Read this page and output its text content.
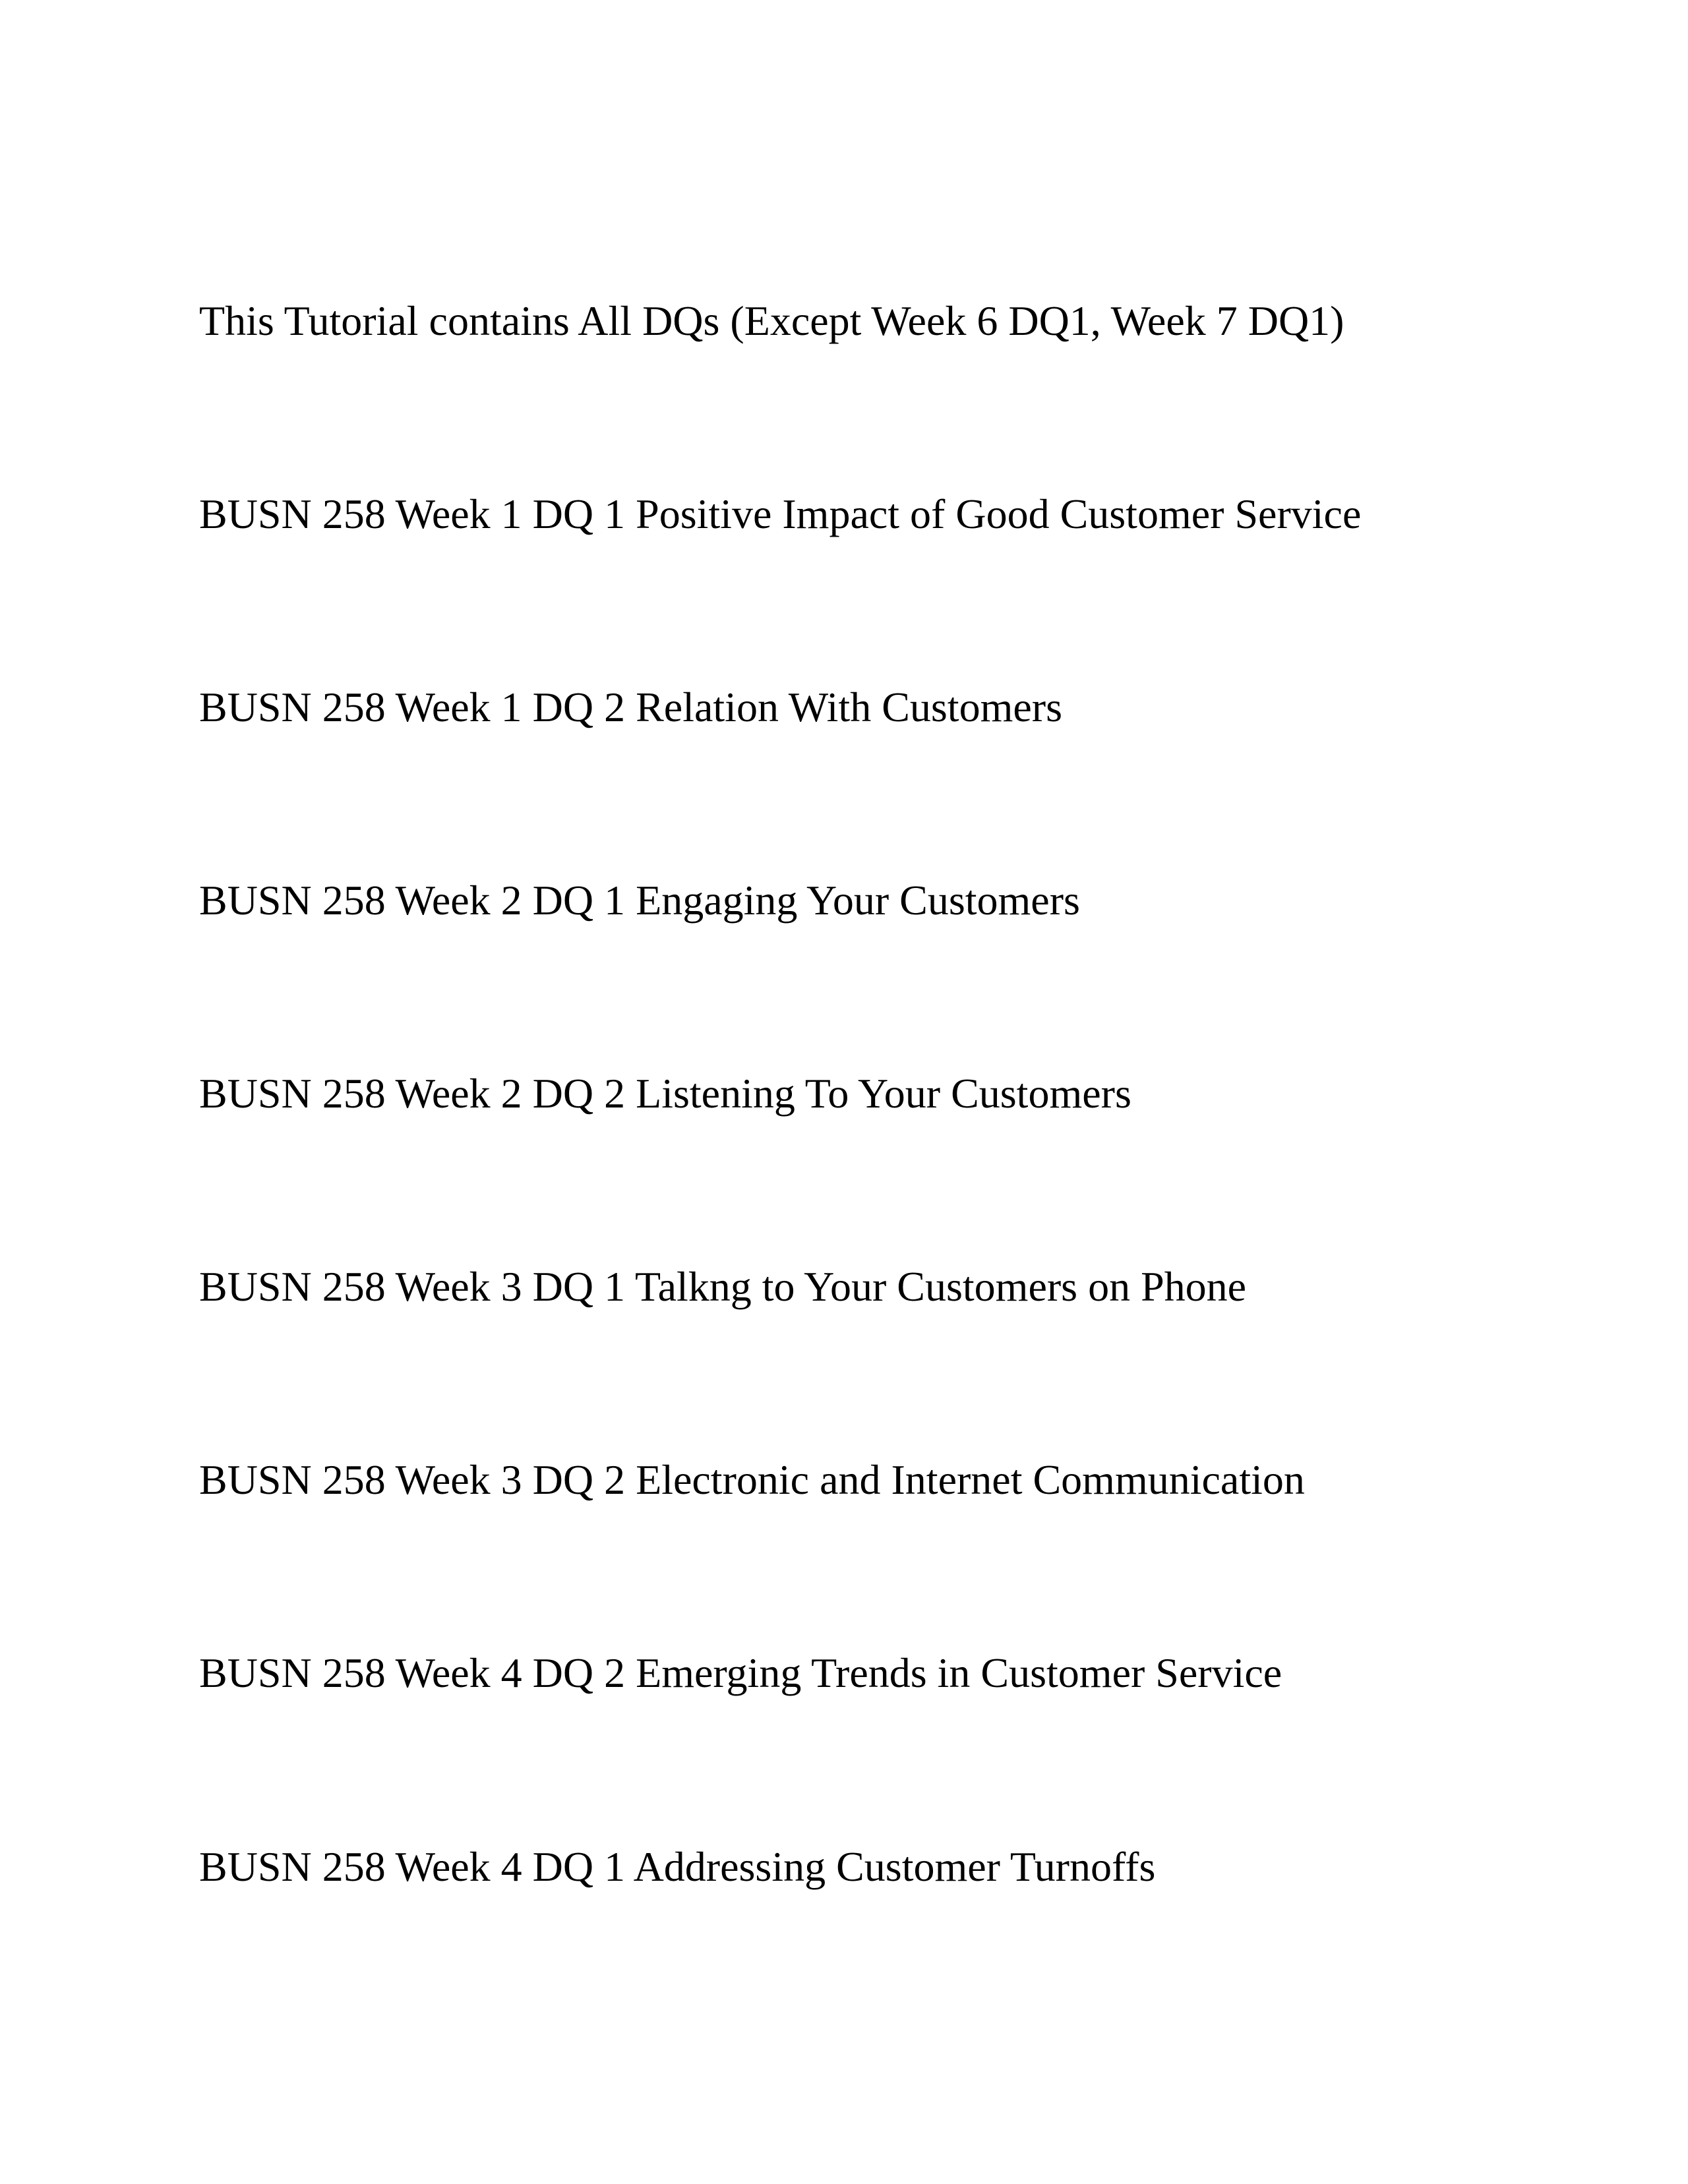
This Tutorial contains All DQs (Except Week 6 DQ1, Week 7 DQ1)

BUSN 258 Week 1 DQ 1 Positive Impact of Good Customer Service

BUSN 258 Week 1 DQ 2 Relation With Customers

BUSN 258 Week 2 DQ 1 Engaging Your Customers

BUSN 258 Week 2 DQ 2 Listening To Your Customers

BUSN 258 Week 3 DQ 1 Talkng to Your Customers on Phone

BUSN 258 Week 3 DQ 2 Electronic and Internet Communication

BUSN 258 Week 4 DQ 2 Emerging Trends in Customer Service

BUSN 258 Week 4 DQ 1 Addressing Customer Turnoffs
